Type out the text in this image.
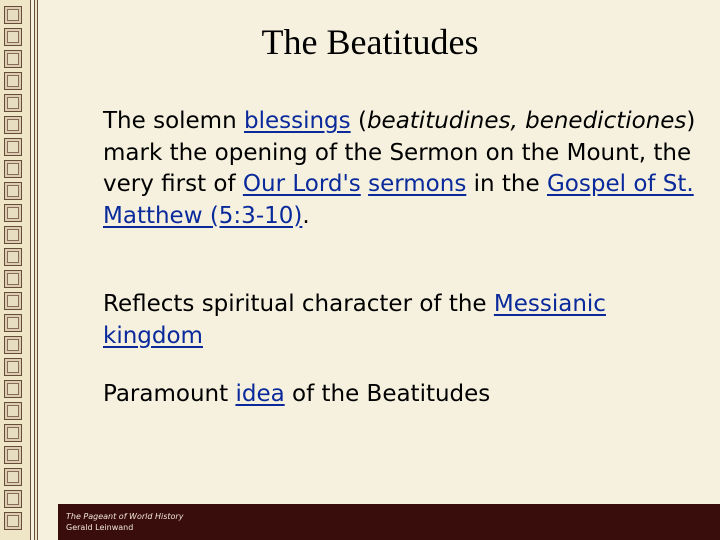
The Beatitudes

The solemn blessings (beatitudines, benedictiones) mark the opening of the Sermon on the Mount, the very first of Our Lord's sermons in the Gospel of St. Matthew (5:3-10).

Reflects spiritual character of the Messianic kingdom

Paramount idea of the Beatitudes

The Pageant of World History
Gerald Leinwand
